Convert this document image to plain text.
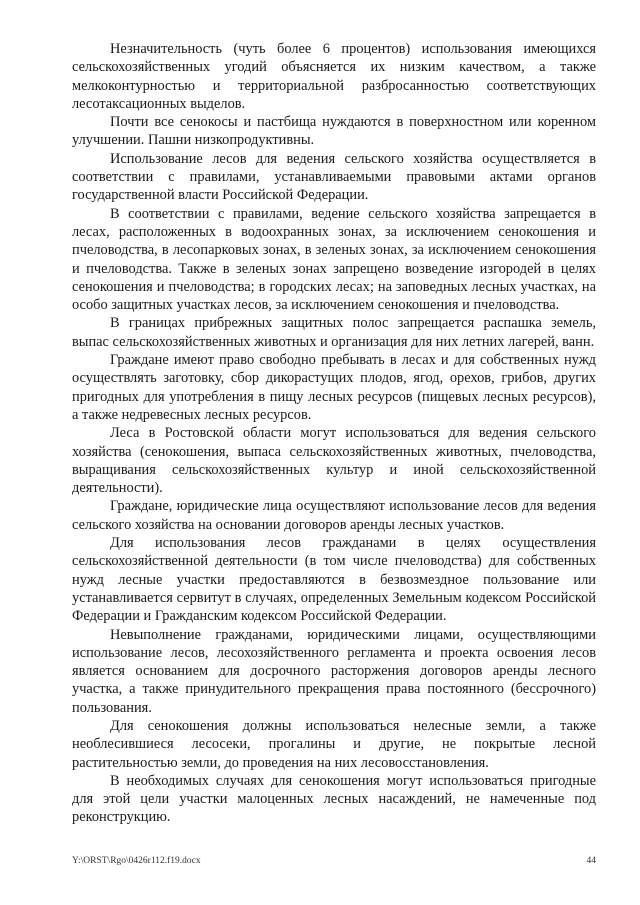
Незначительность (чуть более 6 процентов) использования имеющихся сельскохозяйственных угодий объясняется их низким качеством, а также мелкоконтурностью и территориальной разбросанностью соответствующих лесотаксационных выделов.

Почти все сенокосы и пастбища нуждаются в поверхностном или коренном улучшении. Пашни низкопродуктивны.

Использование лесов для ведения сельского хозяйства осуществляется в соответствии с правилами, устанавливаемыми правовыми актами органов государственной власти Российской Федерации.

В соответствии с правилами, ведение сельского хозяйства запрещается в лесах, расположенных в водоохранных зонах, за исключением сенокошения и пчеловодства, в лесопарковых зонах, в зеленых зонах, за исключением сенокошения и пчеловодства. Также в зеленых зонах запрещено возведение изгородей в целях сенокошения и пчеловодства; в городских лесах; на заповедных лесных участках, на особо защитных участках лесов, за исключением сенокошения и пчеловодства.

В границах прибрежных защитных полос запрещается распашка земель, выпас сельскохозяйственных животных и организация для них летних лагерей, ванн.

Граждане имеют право свободно пребывать в лесах и для собственных нужд осуществлять заготовку, сбор дикорастущих плодов, ягод, орехов, грибов, других пригодных для употребления в пищу лесных ресурсов (пищевых лесных ресурсов), а также недревесных лесных ресурсов.

Леса в Ростовской области могут использоваться для ведения сельского хозяйства (сенокошения, выпаса сельскохозяйственных животных, пчеловодства, выращивания сельскохозяйственных культур и иной сельскохозяйственной деятельности).

Граждане, юридические лица осуществляют использование лесов для ведения сельского хозяйства на основании договоров аренды лесных участков.

Для использования лесов гражданами в целях осуществления сельскохозяйственной деятельности (в том числе пчеловодства) для собственных нужд лесные участки предоставляются в безвозмездное пользование или устанавливается сервитут в случаях, определенных Земельным кодексом Российской Федерации и Гражданским кодексом Российской Федерации.

Невыполнение гражданами, юридическими лицами, осуществляющими использование лесов, лесохозяйственного регламента и проекта освоения лесов является основанием для досрочного расторжения договоров аренды лесного участка, а также принудительного прекращения права постоянного (бессрочного) пользования.

Для сенокошения должны использоваться нелесные земли, а также необлесившиеся лесосеки, прогалины и другие, не покрытые лесной растительностью земли, до проведения на них лесовосстановления.

В необходимых случаях для сенокошения могут использоваться пригодные для этой цели участки малоценных лесных насаждений, не намеченные под реконструкцию.

Y:\ORST\Rgo\0426r112.f19.docx	44
